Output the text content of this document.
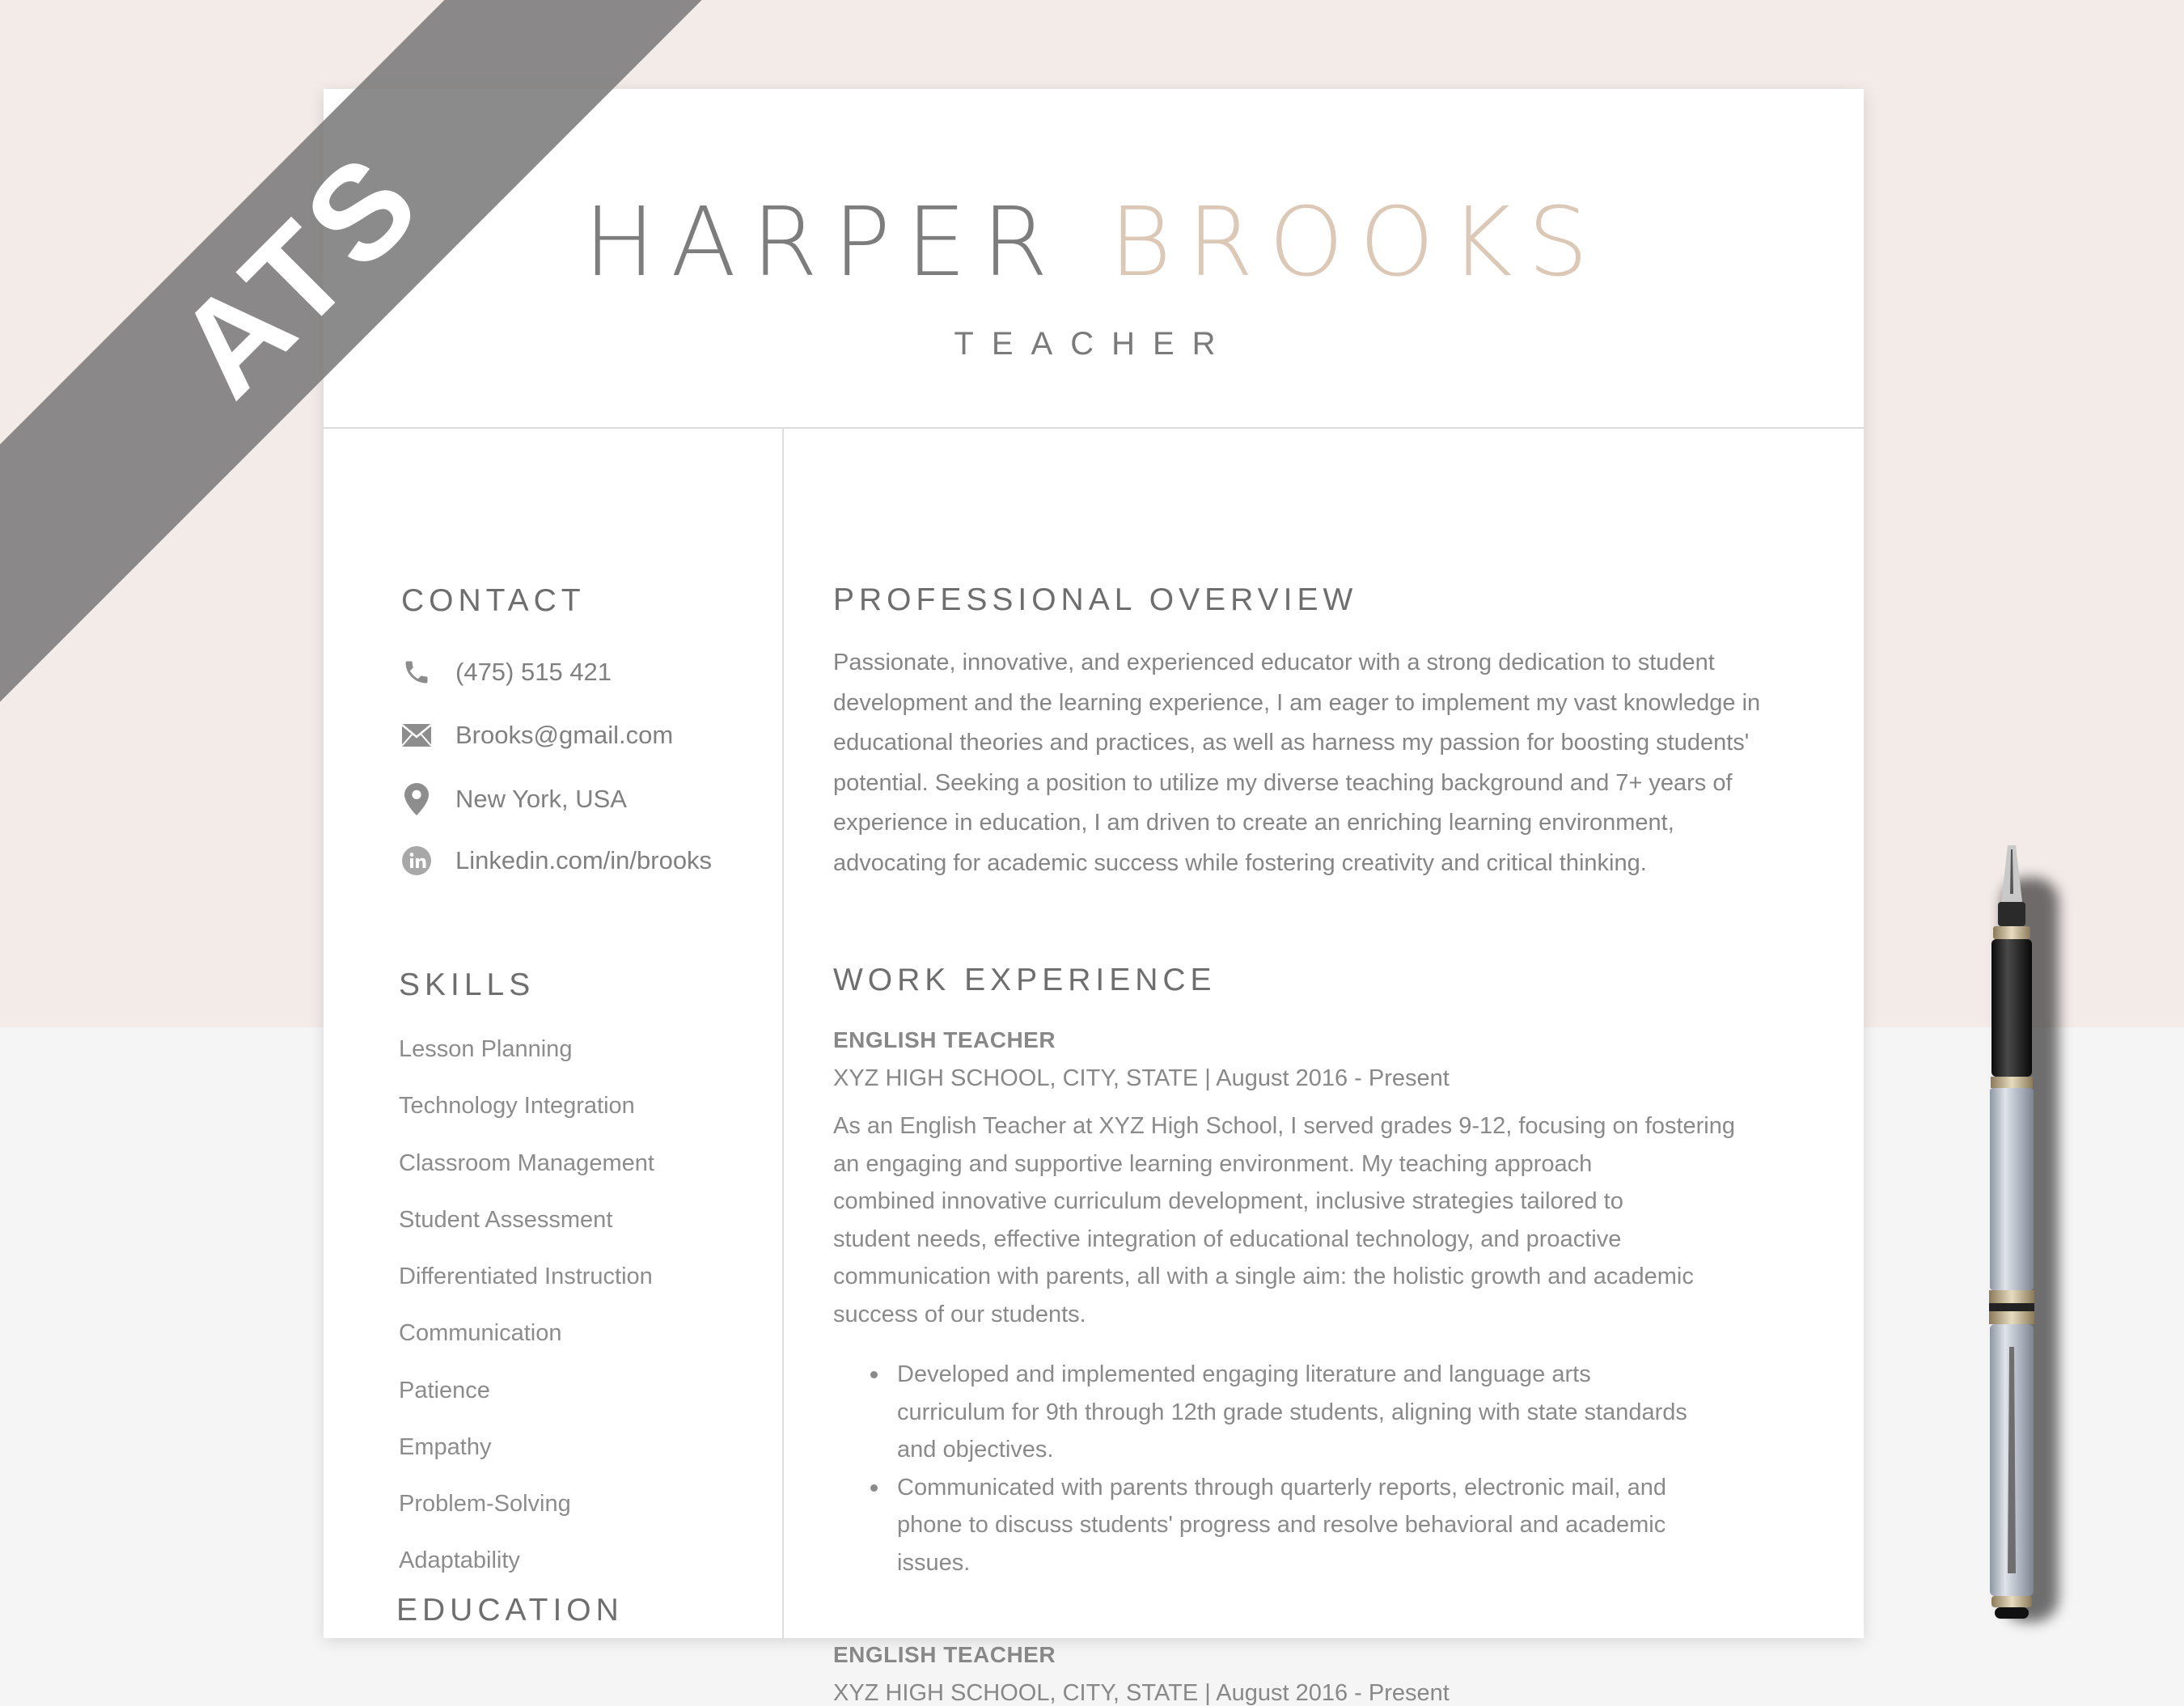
HARPER BROOKS
TEACHER
CONTACT
(475) 515 421
Brooks@gmail.com
New York, USA
Linkedin.com/in/brooks
SKILLS
Lesson Planning
Technology Integration
Classroom Management
Student Assessment
Differentiated Instruction
Communication
Patience
Empathy
Problem-Solving
Adaptability
EDUCATION
PROFESSIONAL OVERVIEW
Passionate, innovative, and experienced educator with a strong dedication to student
development and the learning experience, I am eager to implement my vast knowledge in
educational theories and practices, as well as harness my passion for boosting students'
potential. Seeking a position to utilize my diverse teaching background and 7+ years of
experience in education, I am driven to create an enriching learning environment,
advocating for academic success while fostering creativity and critical thinking.
WORK EXPERIENCE
ENGLISH TEACHER
XYZ HIGH SCHOOL, CITY, STATE | August 2016 - Present
As an English Teacher at XYZ High School, I served grades 9-12, focusing on fostering
an engaging and supportive learning environment. My teaching approach
combined innovative curriculum development, inclusive strategies tailored to
student needs, effective integration of educational technology, and proactive
communication with parents, all with a single aim: the holistic growth and academic
success of our students.
Developed and implemented engaging literature and language arts
curriculum for 9th through 12th grade students, aligning with state standards
and objectives.
Communicated with parents through quarterly reports, electronic mail, and
phone to discuss students' progress and resolve behavioral and academic
issues.
ENGLISH TEACHER
XYZ HIGH SCHOOL, CITY, STATE | August 2016 - Present
ATS
